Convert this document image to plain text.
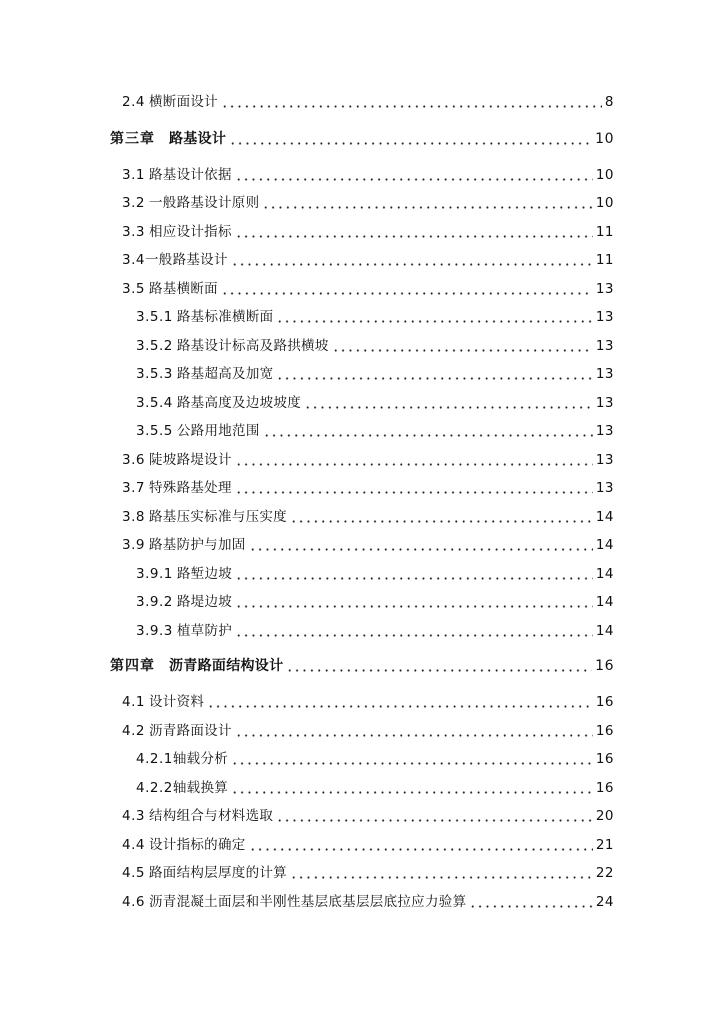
2.4 横断面设计	8
第三章 路基设计	10
3.1 路基设计依据	10
3.2 一般路基设计原则	10
3.3 相应设计指标	11
3.4 一般路基设计	11
3.5 路基横断面	13
3.5.1 路基标准横断面	13
3.5.2 路基设计标高及路拱横坡	13
3.5.3 路基超高及加宽	13
3.5.4 路基高度及边坡坡度	13
3.5.5 公路用地范围	13
3.6 陡坡路堤设计	13
3.7 特殊路基处理	13
3.8 路基压实标准与压实度	14
3.9 路基防护与加固	14
3.9.1 路堑边坡	14
3.9.2 路堤边坡	14
3.9.3 植草防护	14
第四章 沥青路面结构设计	16
4.1 设计资料	16
4.2 沥青路面设计	16
4.2.1 轴载分析	16
4.2.2 轴载换算	16
4.3 结构组合与材料选取	20
4.4 设计指标的确定	21
4.5 路面结构层厚度的计算	22
4.6 沥青混凝土面层和半刚性基层底基层层底拉应力验算	24
